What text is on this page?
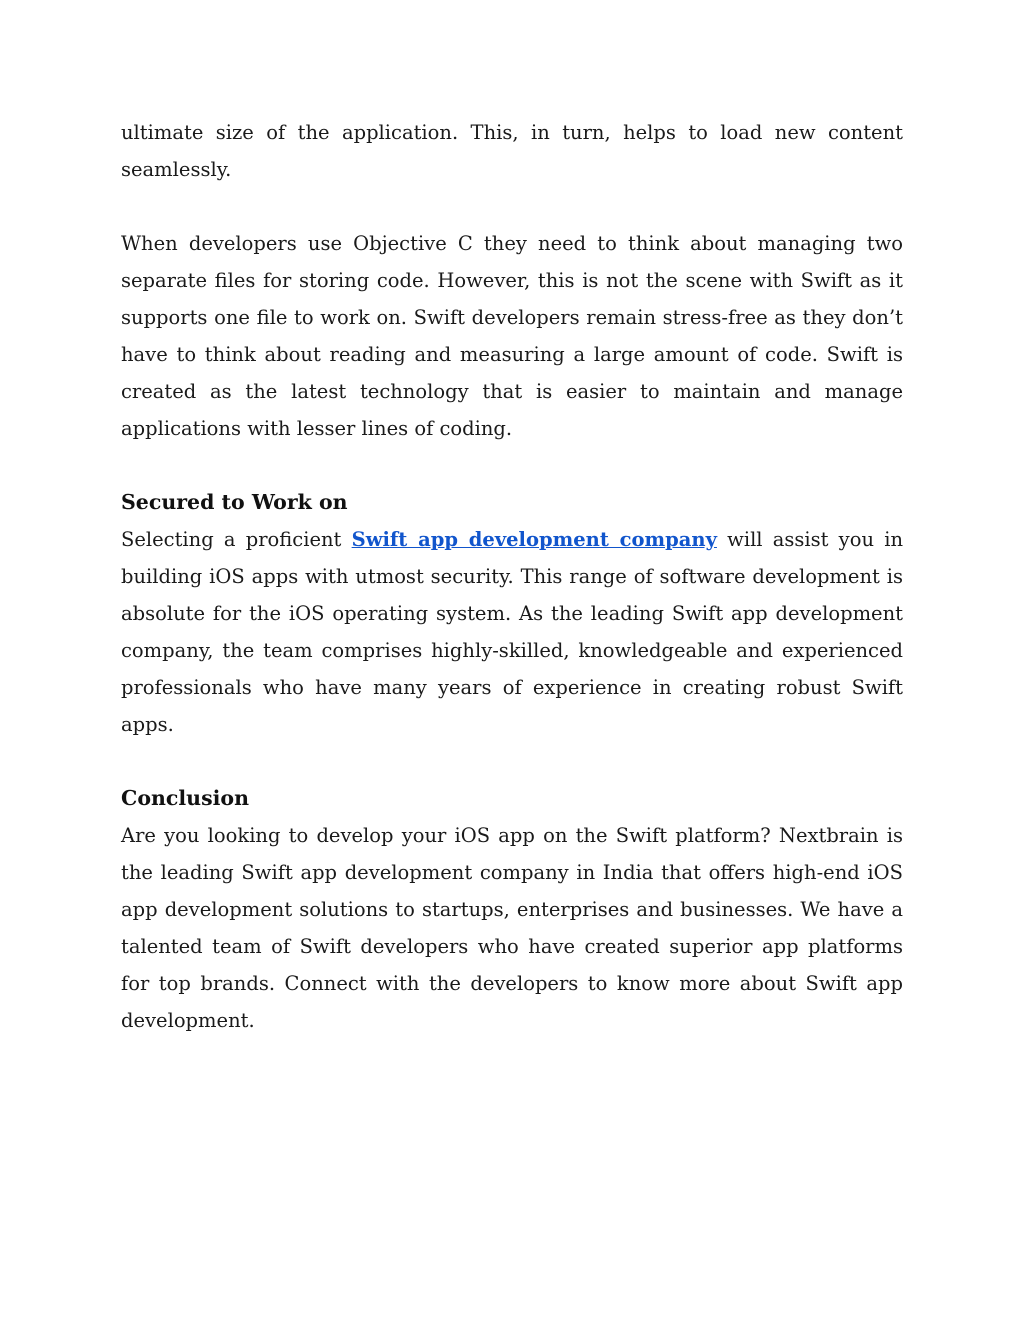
ultimate size of the application. This, in turn, helps to load new content seamlessly.

When developers use Objective C they need to think about managing two separate files for storing code. However, this is not the scene with Swift as it supports one file to work on. Swift developers remain stress-free as they don’t have to think about reading and measuring a large amount of code. Swift is created as the latest technology that is easier to maintain and manage applications with lesser lines of coding.

Secured to Work on

Selecting a proficient Swift app development company will assist you in building iOS apps with utmost security. This range of software development is absolute for the iOS operating system. As the leading Swift app development company, the team comprises highly-skilled, knowledgeable and experienced professionals who have many years of experience in creating robust Swift apps.

Conclusion

Are you looking to develop your iOS app on the Swift platform? Nextbrain is the leading Swift app development company in India that offers high-end iOS app development solutions to startups, enterprises and businesses. We have a talented team of Swift developers who have created superior app platforms for top brands. Connect with the developers to know more about Swift app development.
